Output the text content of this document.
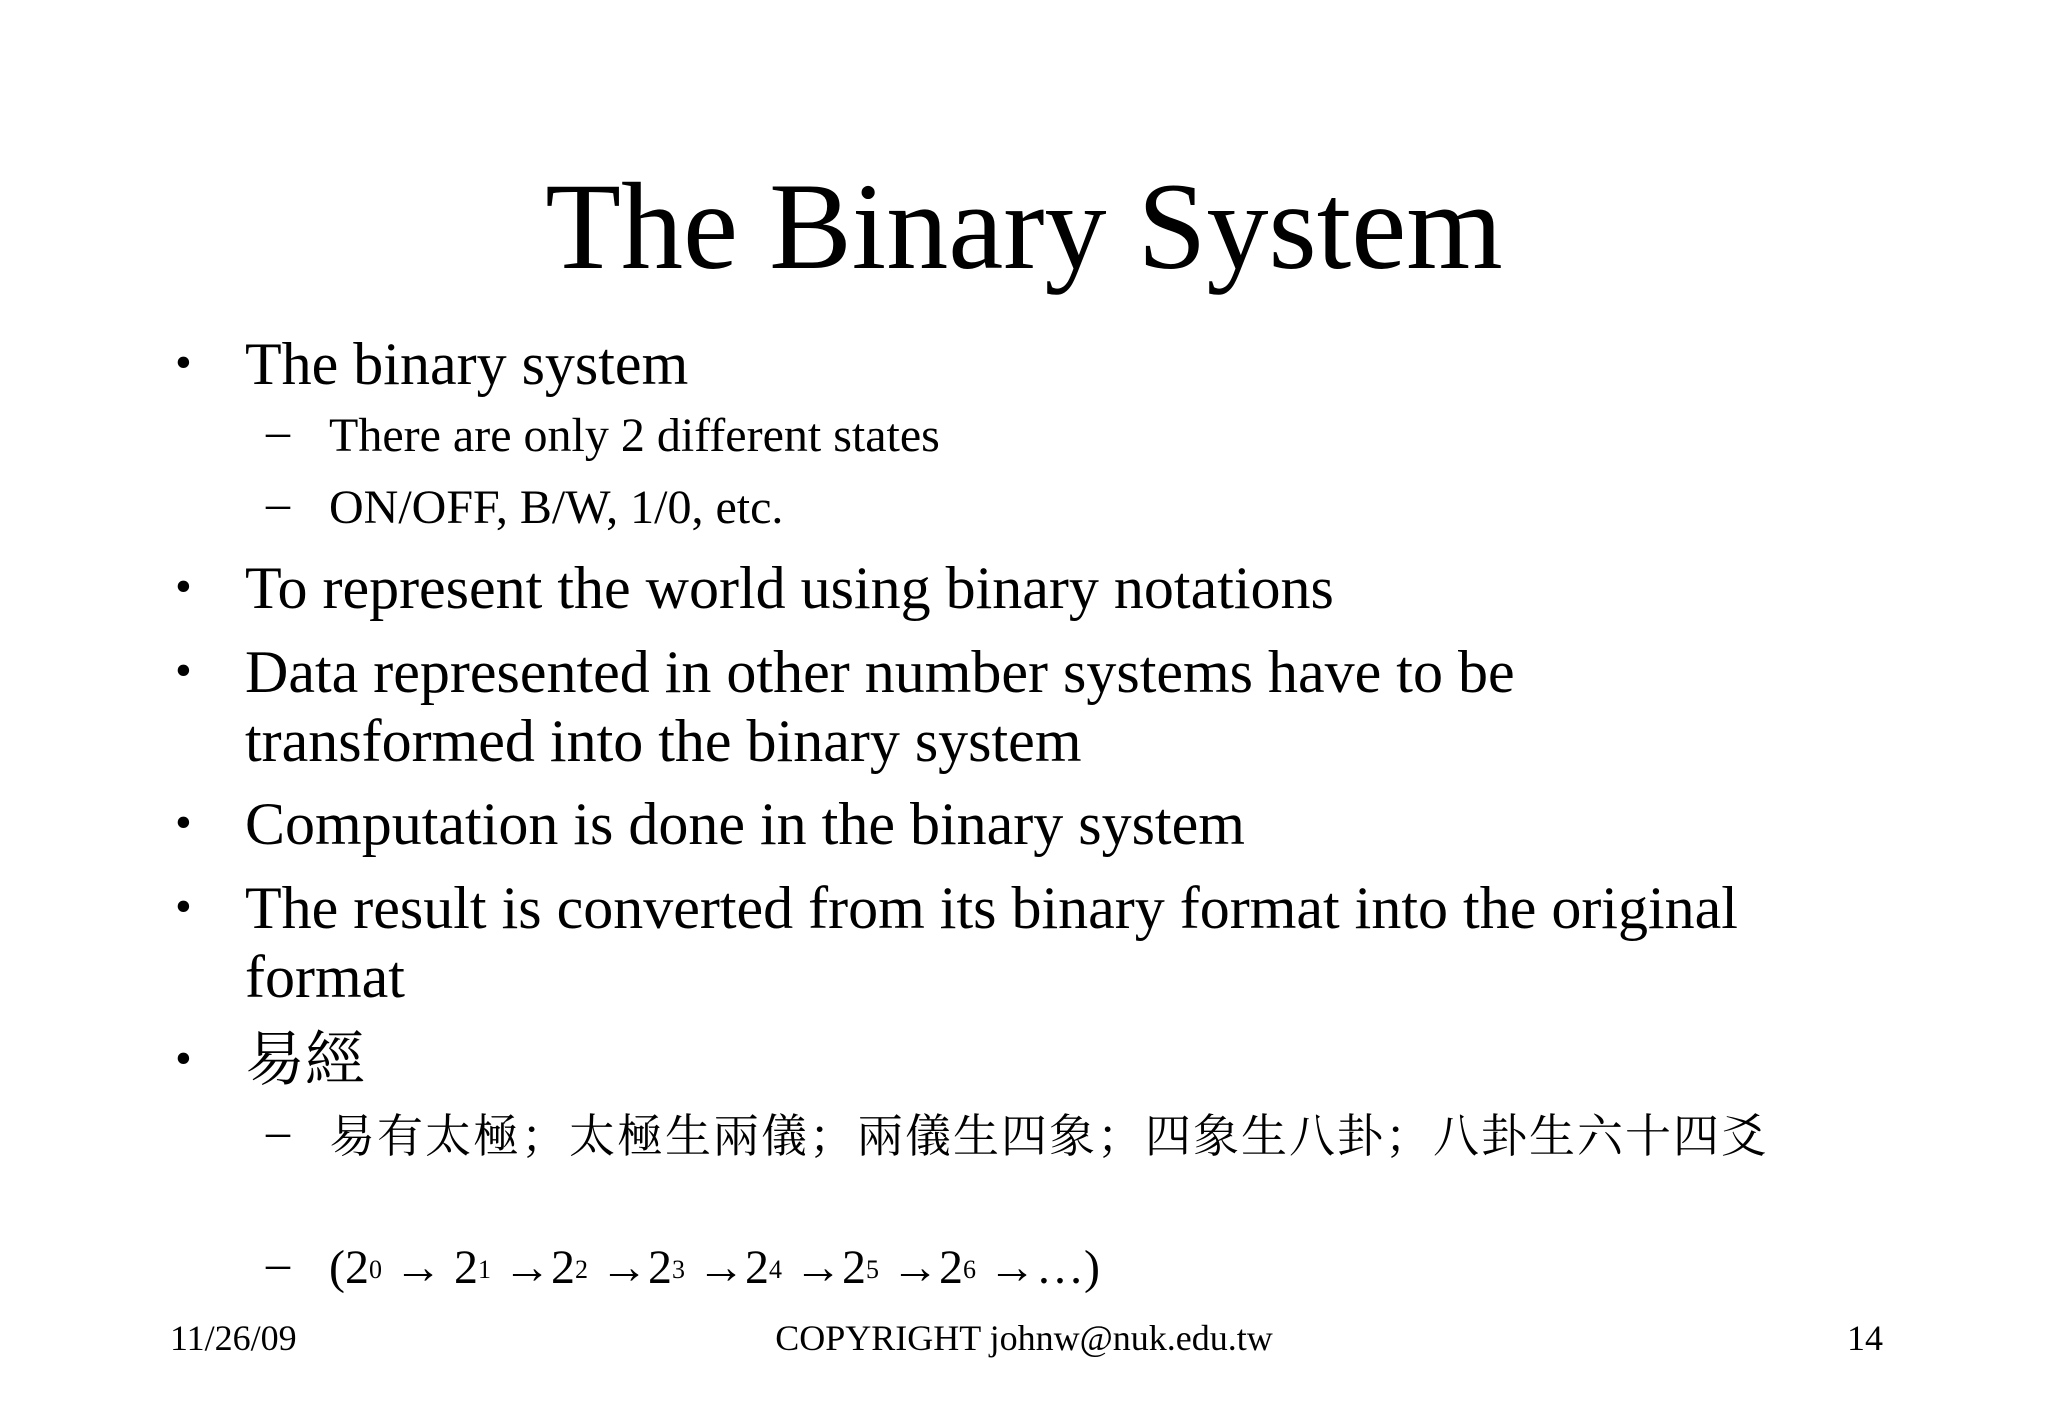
The Binary System
• The binary system
– There are only 2 different states
– ON/OFF, B/W, 1/0, etc.
• To represent the world using binary notations
• Data represented in other number systems have to be transformed into the binary system
• Computation is done in the binary system
• The result is converted from its binary format into the original format
• 易經
– 易有太極；太極生兩儀；兩儀生四象；四象生八卦；八卦生六十四爻
– ($2^0 \to 2^1 \to 2^2 \to 2^3 \to 2^4 \to 2^5 \to 2^6$ →…)
11/26/09	COPYRIGHT johnw@nuk.edu.tw	14
